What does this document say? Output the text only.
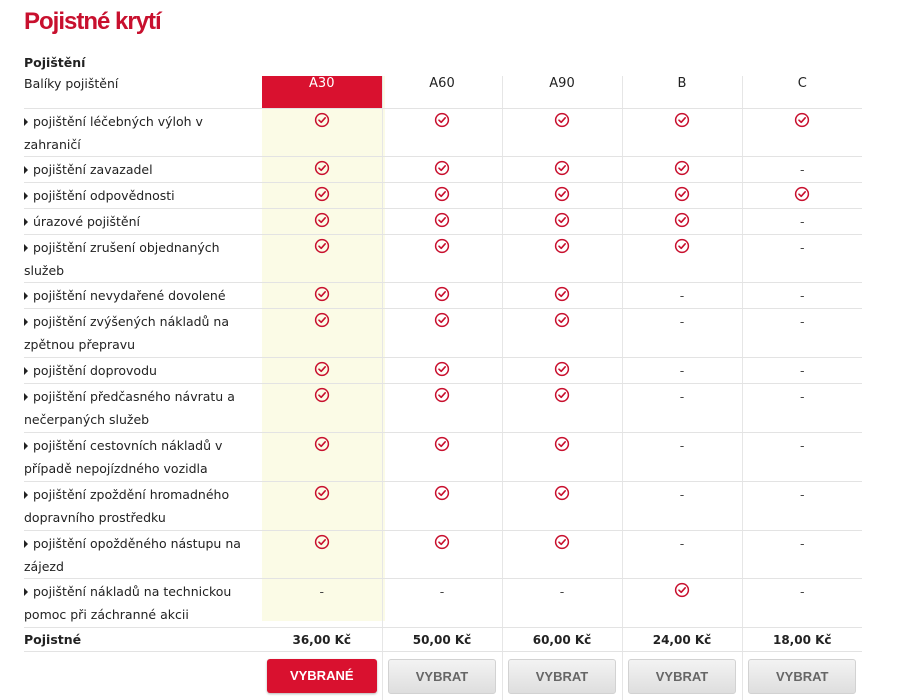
Pojistné krytí
Pojištění
Balíky pojištění	A30	A60	A90	B	C
pojištění léčebných výloh v zahraničí	

pojištění zavazadel					-

pojištění odpovědnosti	

úrazové pojištění					-

pojištění zrušení objednaných služeb					-

pojištění nevydařené dovolené				-	-

pojištění zvýšených nákladů na zpětnou přepravu				-	-

pojištění doprovodu				-	-

pojištění předčasného návratu a nečerpaných služeb				-	-

pojištění cestovních nákladů v případě nepojízdného vozidla				-	-

pojištění zpoždění hromadného dopravního prostředku				-	-

pojištění opožděného nástupu na zájezd				-	-

pojištění nákladů na technickou pomoc při záchranné akcii	-	-	-		-

Pojistné	36,00 Kč	50,00 Kč	60,00 Kč	24,00 Kč	18,00 Kč
	VYBRANÉ	VYBRAT	VYBRAT	VYBRAT	VYBRAT
